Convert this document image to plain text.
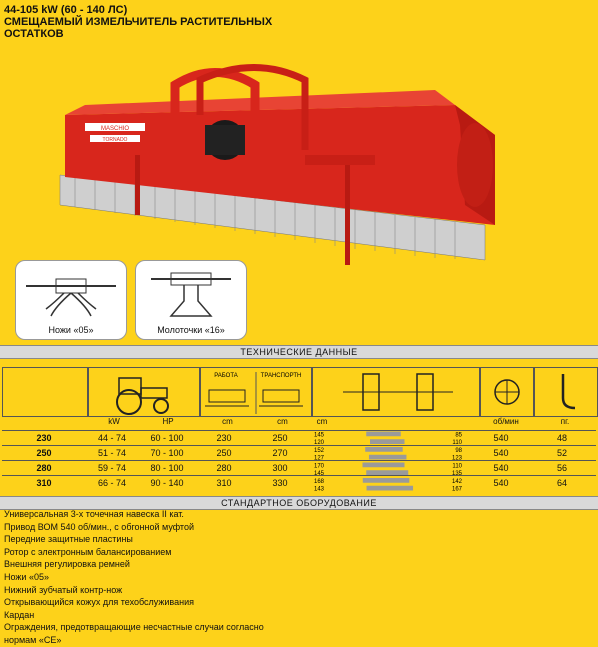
44-105 kW (60 - 140 ЛС)
СМЕЩАЕМЫЙ ИЗМЕЛЬЧИТЕЛЬ РАСТИТЕЛЬНЫХ
ОСТАТКОВ
MASCHIO
TORNADO
Ножи «05»	Молоточки «16»
ТЕХНИЧЕСКИЕ ДАННЫЕ
РАБОТА	ТРАНСПОРТН
kW	HP	cm	cm	cm	об/мин	пг.
230	44 - 74	60 - 100	230	250		540	48
250	51 - 74	70 - 100	250	270		540	52
280	59 - 74	80 - 100	280	300		540	56
310	66 - 74	90 - 140	310	330		540	64
145	85
120	110
152	98
127	123
170	110
145	135
168	142
143	167
СТАНДАРТНОЕ ОБОРУДОВАНИЕ
Универсальная 3-х точечная навеска II кат.
Привод ВОМ 540 об/мин., с обгонной муфтой
Передние защитные пластины
Ротор с электронным балансированием
Внешняя регулировка ремней
Ножи «05»
Нижний зубчатый контр-нож
Открывающийся кожух для техобслуживания
Кардан
Ограждения, предотвращающие несчастные случаи согласно
нормам «CE»
